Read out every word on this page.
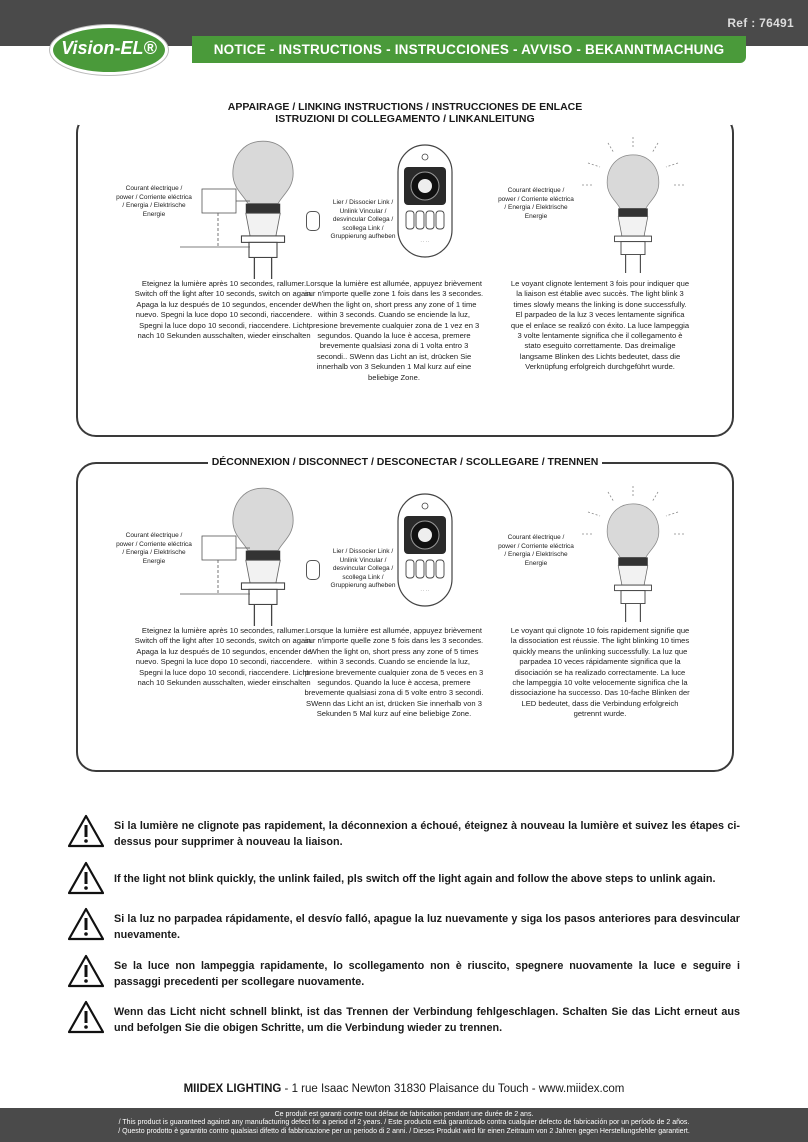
Ref : 76491
Vision-EL®	NOTICE - INSTRUCTIONS - INSTRUCCIONES - AVVISO - BEKANNTMACHUNG
APPAIRAGE / LINKING INSTRUCTIONS / INSTRUCCIONES DE ENLACE
ISTRUZIONI DI COLLEGAMENTO / LINKANLEITUNG
Courant électrique / power / Corriente eléctrica / Energia / Elektrische Energie
Lier / Dissocier Link / Unlink Vincular / desvincular Collega / scollega Link / Gruppierung aufheben
Courant électrique / power / Corriente eléctrica / Energia / Elektrische Energie
Eteignez la lumière après 10 secondes, rallumer. Switch off the light after 10 seconds, switch on again. Apaga la luz después de 10 segundos, encender de nuevo. Spegni la luce dopo 10 secondi, riaccendere. Spegni la luce dopo 10 secondi, riaccendere. Licht nach 10 Sekunden ausschalten, wieder einschalten
Lorsque la lumière est allumée, appuyez brièvement sur n'importe quelle zone 1 fois dans les 3 secondes. When the light on, short press any zone of 1 time within 3 seconds. Cuando se enciende la luz, presione brevemente cualquier zona de 1 vez en 3 segundos. Quando la luce è accesa, premere brevemente qualsiasi zona di 1 volta entro 3 secondi.. SWenn das Licht an ist, drücken Sie innerhalb von 3 Sekunden 1 Mal kurz auf eine beliebige Zone.
Le voyant clignote lentement 3 fois pour indiquer que la liaison est établie avec succès. The light blink 3 times slowly means the linking is done successfully. El parpadeo de la luz 3 veces lentamente significa que el enlace se realizó con éxito. La luce lampeggia 3 volte lentamente significa che il collegamento è stato eseguito correttamente. Das dreimalige langsame Blinken des Lichts bedeutet, dass die Verknüpfung erfolgreich durchgeführt wurde.
DÉCONNEXION / DISCONNECT / DESCONECTAR / SCOLLEGARE / TRENNEN
Courant électrique / power / Corriente eléctrica / Energia / Elektrische Energie
Lier / Dissocier Link / Unlink Vincular / desvincular Collega / scollega Link / Gruppierung aufheben
Courant électrique / power / Corriente eléctrica / Energia / Elektrische Energie
Eteignez la lumière après 10 secondes, rallumer. Switch off the light after 10 seconds, switch on again. Apaga la luz después de 10 segundos, encender de nuevo. Spegni la luce dopo 10 secondi, riaccendere. Spegni la luce dopo 10 secondi, riaccendere. Licht nach 10 Sekunden ausschalten, wieder einschalten
Lorsque la lumière est allumée, appuyez brièvement sur n'importe quelle zone 5 fois dans les 3 secondes. When the light on, short press any zone of 5 times within 3 seconds. Cuando se enciende la luz, presione brevemente cualquier zona de 5 veces en 3 segundos. Quando la luce è accesa, premere brevemente qualsiasi zona di 5 volte entro 3 secondi. SWenn das Licht an ist, drücken Sie innerhalb von 3 Sekunden 5 Mal kurz auf eine beliebige Zone.
Le voyant qui clignote 10 fois rapidement signifie que la dissociation est réussie. The light blinking 10 times quickly means the unlinking successfully. La luz que parpadea 10 veces rápidamente significa que la disociación se ha realizado correctamente. La luce che lampeggia 10 volte velocemente significa che la dissociazione ha successo. Das 10-fache Blinken der LED bedeutet, dass die Verbindung erfolgreich getrennt wurde.

Si la lumière ne clignote pas rapidement, la déconnexion a échoué, éteignez à nouveau la lumière et suivez les étapes ci-dessus pour supprimer à nouveau la liaison.

If the light not blink quickly, the unlink failed, pls switch off the light again and follow the above steps to unlink again.

Si la luz no parpadea rápidamente, el desvío falló, apague la luz nuevamente y siga los pasos anteriores para desvincular nuevamente.

Se la luce non lampeggia rapidamente, lo scollegamento non è riuscito, spegnere nuovamente la luce e seguire i passaggi precedenti per scollegare nuovamente.

Wenn das Licht nicht schnell blinkt, ist das Trennen der Verbindung fehlgeschlagen. Schalten Sie das Licht erneut aus und befolgen Sie die obigen Schritte, um die Verbindung wieder zu trennen.

MIIDEX LIGHTING - 1 rue Isaac Newton 31830 Plaisance du Touch - www.miidex.com
Ce produit est garanti contre tout défaut de fabrication pendant une durée de 2 ans.
/ This product is guaranteed against any manufacturing defect for a period of 2 years. / Este producto está garantizado contra cualquier defecto de fabricación por un período de 2 años.
/ Questo prodotto è garantito contro qualsiasi difetto di fabbricazione per un periodo di 2 anni. / Dieses Produkt wird für einen Zeitraum von 2 Jahren gegen Herstellungsfehler garantiert.
